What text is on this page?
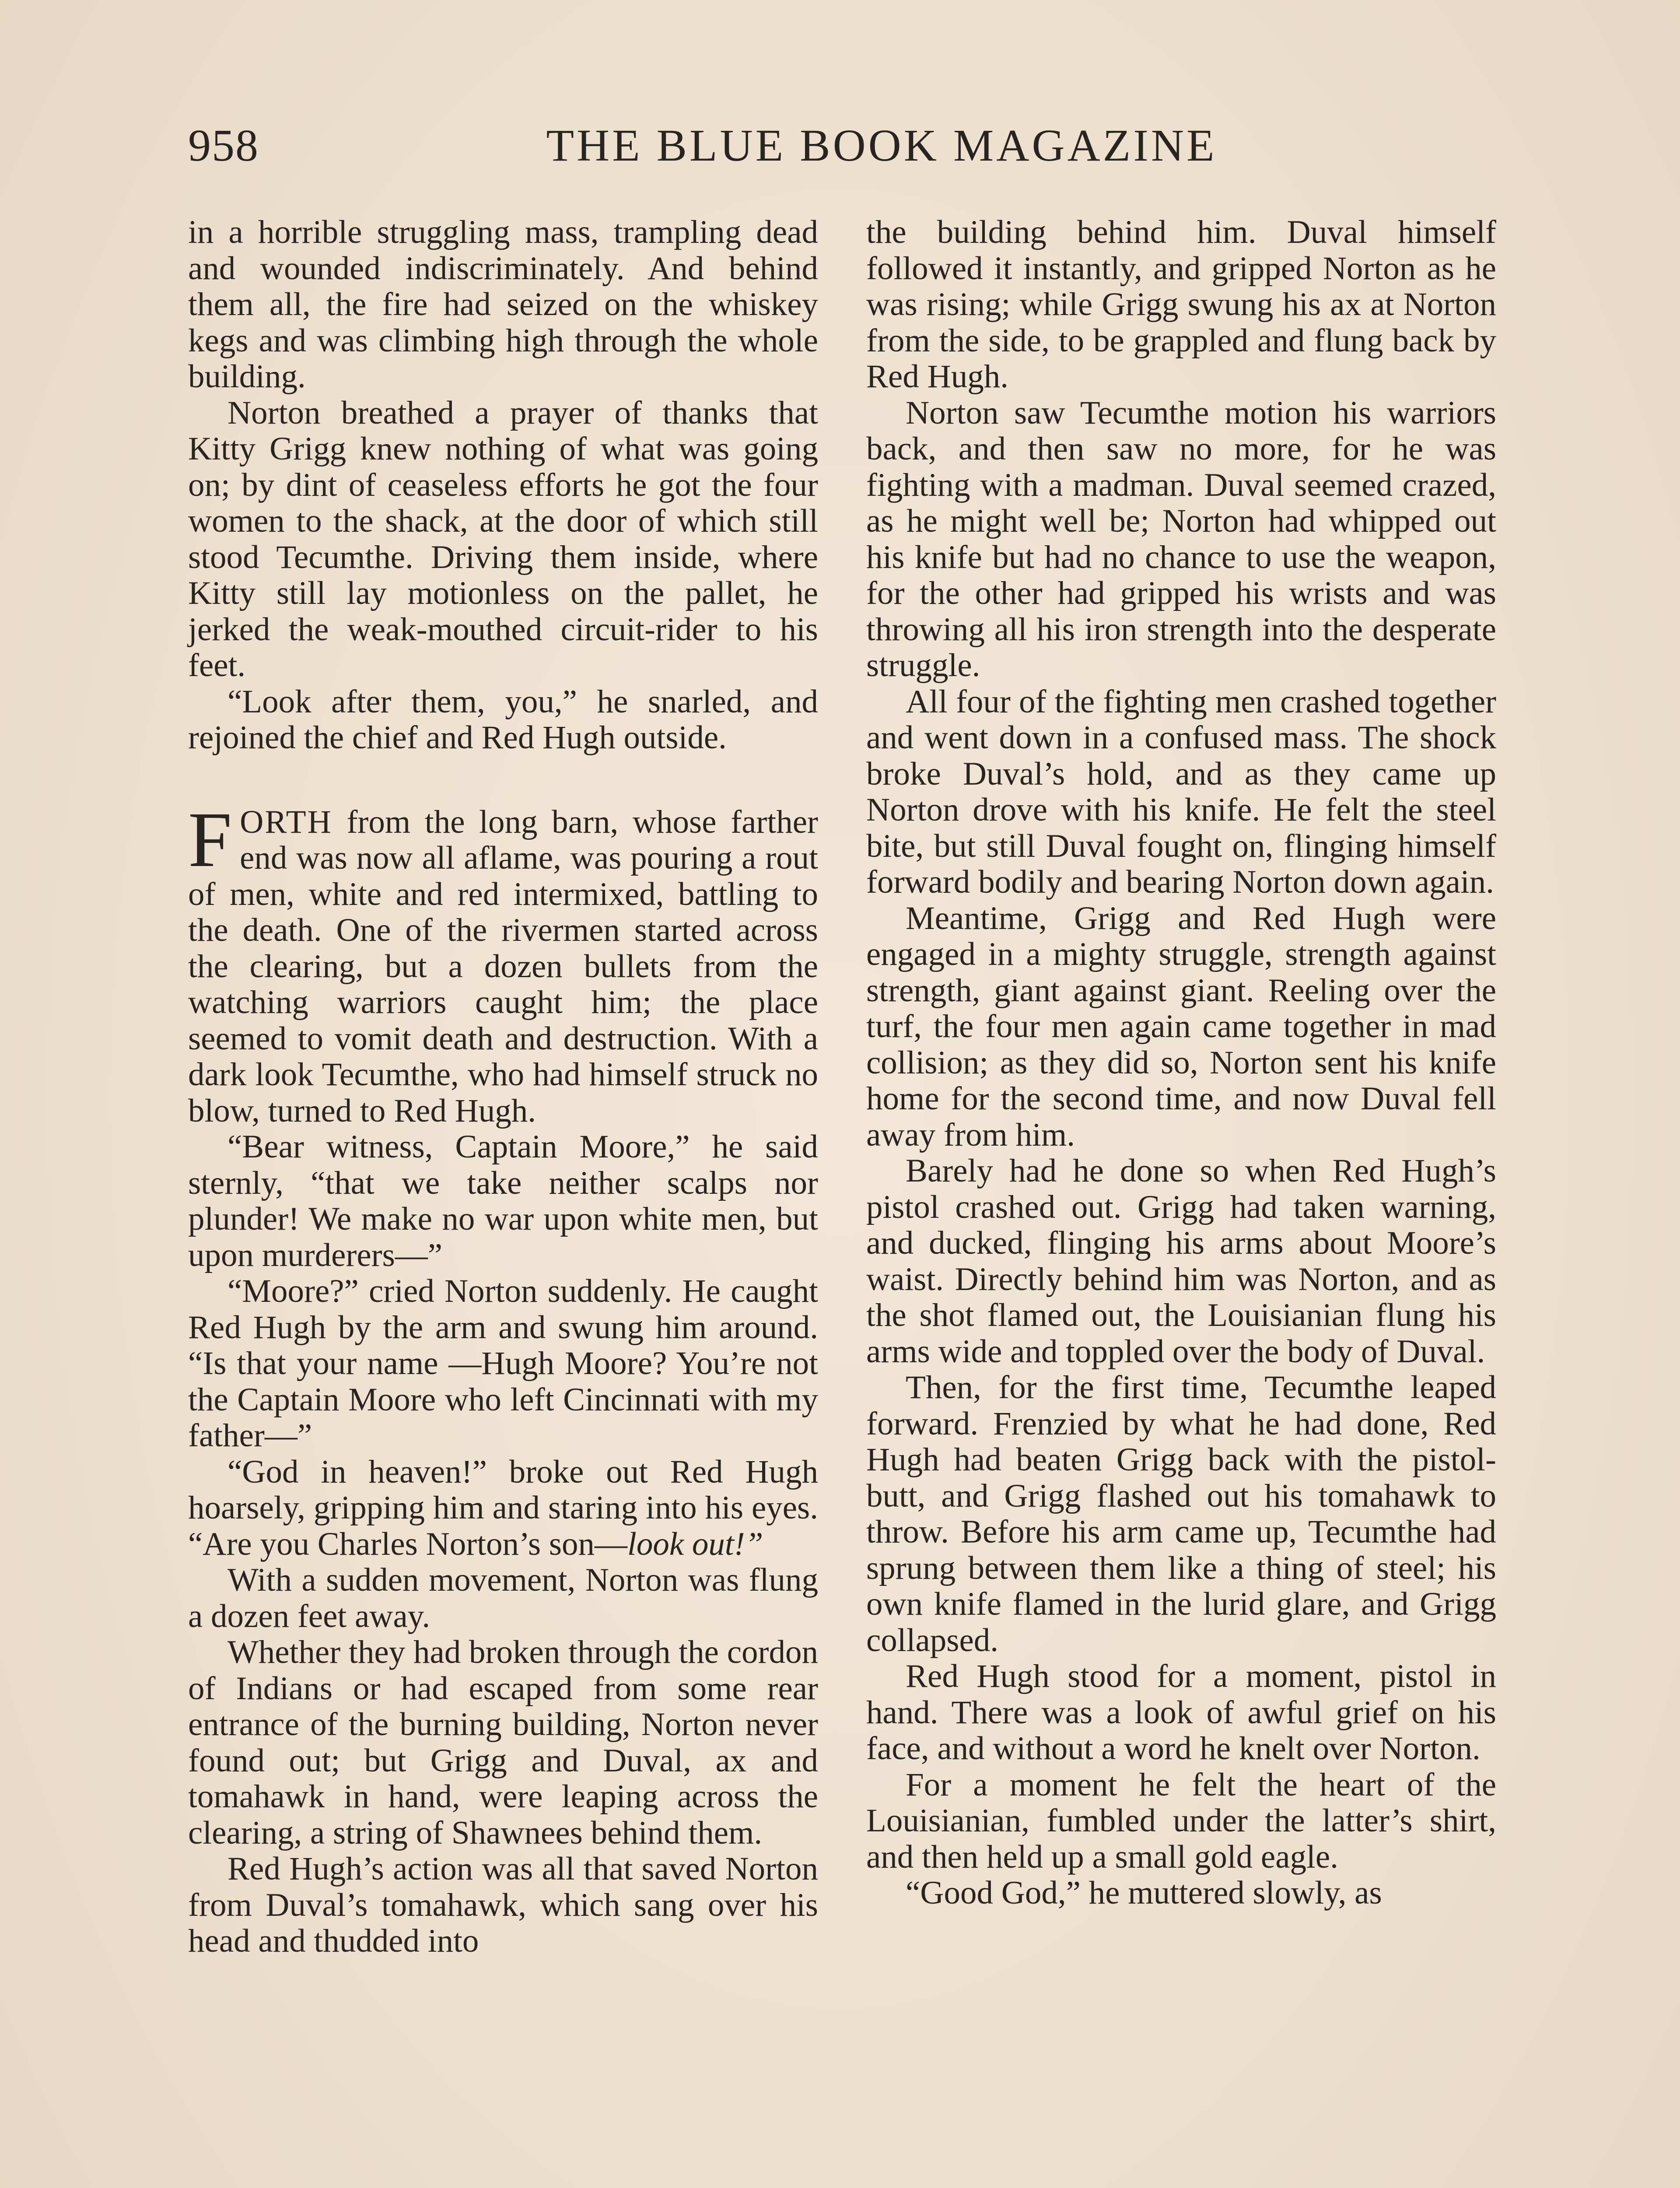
958	THE BLUE BOOK MAGAZINE

in a horrible struggling mass, trampling dead and wounded indiscriminately. And behind them all, the fire had seized on the whiskey kegs and was climbing high through the whole building.

Norton breathed a prayer of thanks that Kitty Grigg knew nothing of what was going on; by dint of ceaseless efforts he got the four women to the shack, at the door of which still stood Tecumthe. Driving them inside, where Kitty still lay motionless on the pallet, he jerked the weak-mouthed circuit-rider to his feet.

“Look after them, you,” he snarled, and rejoined the chief and Red Hugh outside.

FORTH from the long barn, whose farther end was now all aflame, was pouring a rout of men, white and red intermixed, battling to the death. One of the rivermen started across the clearing, but a dozen bullets from the watching warriors caught him; the place seemed to vomit death and destruction. With a dark look Tecumthe, who had himself struck no blow, turned to Red Hugh.

“Bear witness, Captain Moore,” he said sternly, “that we take neither scalps nor plunder! We make no war upon white men, but upon murderers—”

“Moore?” cried Norton suddenly. He caught Red Hugh by the arm and swung him around. “Is that your name —Hugh Moore? You’re not the Captain Moore who left Cincinnati with my father—”

“God in heaven!” broke out Red Hugh hoarsely, gripping him and staring into his eyes. “Are you Charles Norton’s son—look out!”

With a sudden movement, Norton was flung a dozen feet away.

Whether they had broken through the cordon of Indians or had escaped from some rear entrance of the burning building, Norton never found out; but Grigg and Duval, ax and tomahawk in hand, were leaping across the clearing, a string of Shawnees behind them.

Red Hugh’s action was all that saved Norton from Duval’s tomahawk, which sang over his head and thudded into

the building behind him. Duval himself followed it instantly, and gripped Norton as he was rising; while Grigg swung his ax at Norton from the side, to be grappled and flung back by Red Hugh.

Norton saw Tecumthe motion his warriors back, and then saw no more, for he was fighting with a madman. Duval seemed crazed, as he might well be; Norton had whipped out his knife but had no chance to use the weapon, for the other had gripped his wrists and was throwing all his iron strength into the desperate struggle.

All four of the fighting men crashed together and went down in a confused mass. The shock broke Duval’s hold, and as they came up Norton drove with his knife. He felt the steel bite, but still Duval fought on, flinging himself forward bodily and bearing Norton down again.

Meantime, Grigg and Red Hugh were engaged in a mighty struggle, strength against strength, giant against giant. Reeling over the turf, the four men again came together in mad collision; as they did so, Norton sent his knife home for the second time, and now Duval fell away from him.

Barely had he done so when Red Hugh’s pistol crashed out. Grigg had taken warning, and ducked, flinging his arms about Moore’s waist. Directly behind him was Norton, and as the shot flamed out, the Louisianian flung his arms wide and toppled over the body of Duval.

Then, for the first time, Tecumthe leaped forward. Frenzied by what he had done, Red Hugh had beaten Grigg back with the pistol-butt, and Grigg flashed out his tomahawk to throw. Before his arm came up, Tecumthe had sprung between them like a thing of steel; his own knife flamed in the lurid glare, and Grigg collapsed.

Red Hugh stood for a moment, pistol in hand. There was a look of awful grief on his face, and without a word he knelt over Norton.

For a moment he felt the heart of the Louisianian, fumbled under the latter’s shirt, and then held up a small gold eagle.

“Good God,” he muttered slowly, as
